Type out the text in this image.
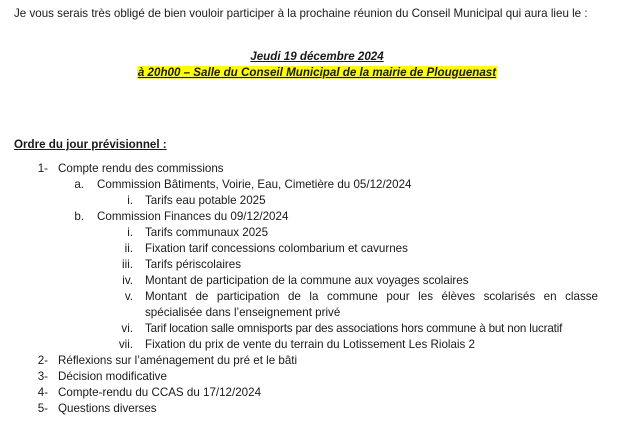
Je vous serais très obligé de bien vouloir participer à la prochaine réunion du Conseil Municipal qui aura lieu le :
Jeudi 19 décembre 2024
à 20h00 – Salle du Conseil Municipal de la mairie de Plouguenast
Ordre du jour prévisionnel :
1- Compte rendu des commissions
a. Commission Bâtiments, Voirie, Eau, Cimetière du 05/12/2024
i. Tarifs eau potable 2025
b. Commission Finances du 09/12/2024
i. Tarifs communaux 2025
ii. Fixation tarif concessions colombarium et cavurnes
iii. Tarifs périscolaires
iv. Montant de participation de la commune aux voyages scolaires
v. Montant de participation de la commune pour les élèves scolarisés en classe
spécialisée dans l’enseignement privé
vi. Tarif location salle omnisports par des associations hors commune à but non lucratif
vii. Fixation du prix de vente du terrain du Lotissement Les Riolais 2
2- Réflexions sur l’aménagement du pré et le bâti
3- Décision modificative
4- Compte-rendu du CCAS du 17/12/2024
5- Questions diverses
